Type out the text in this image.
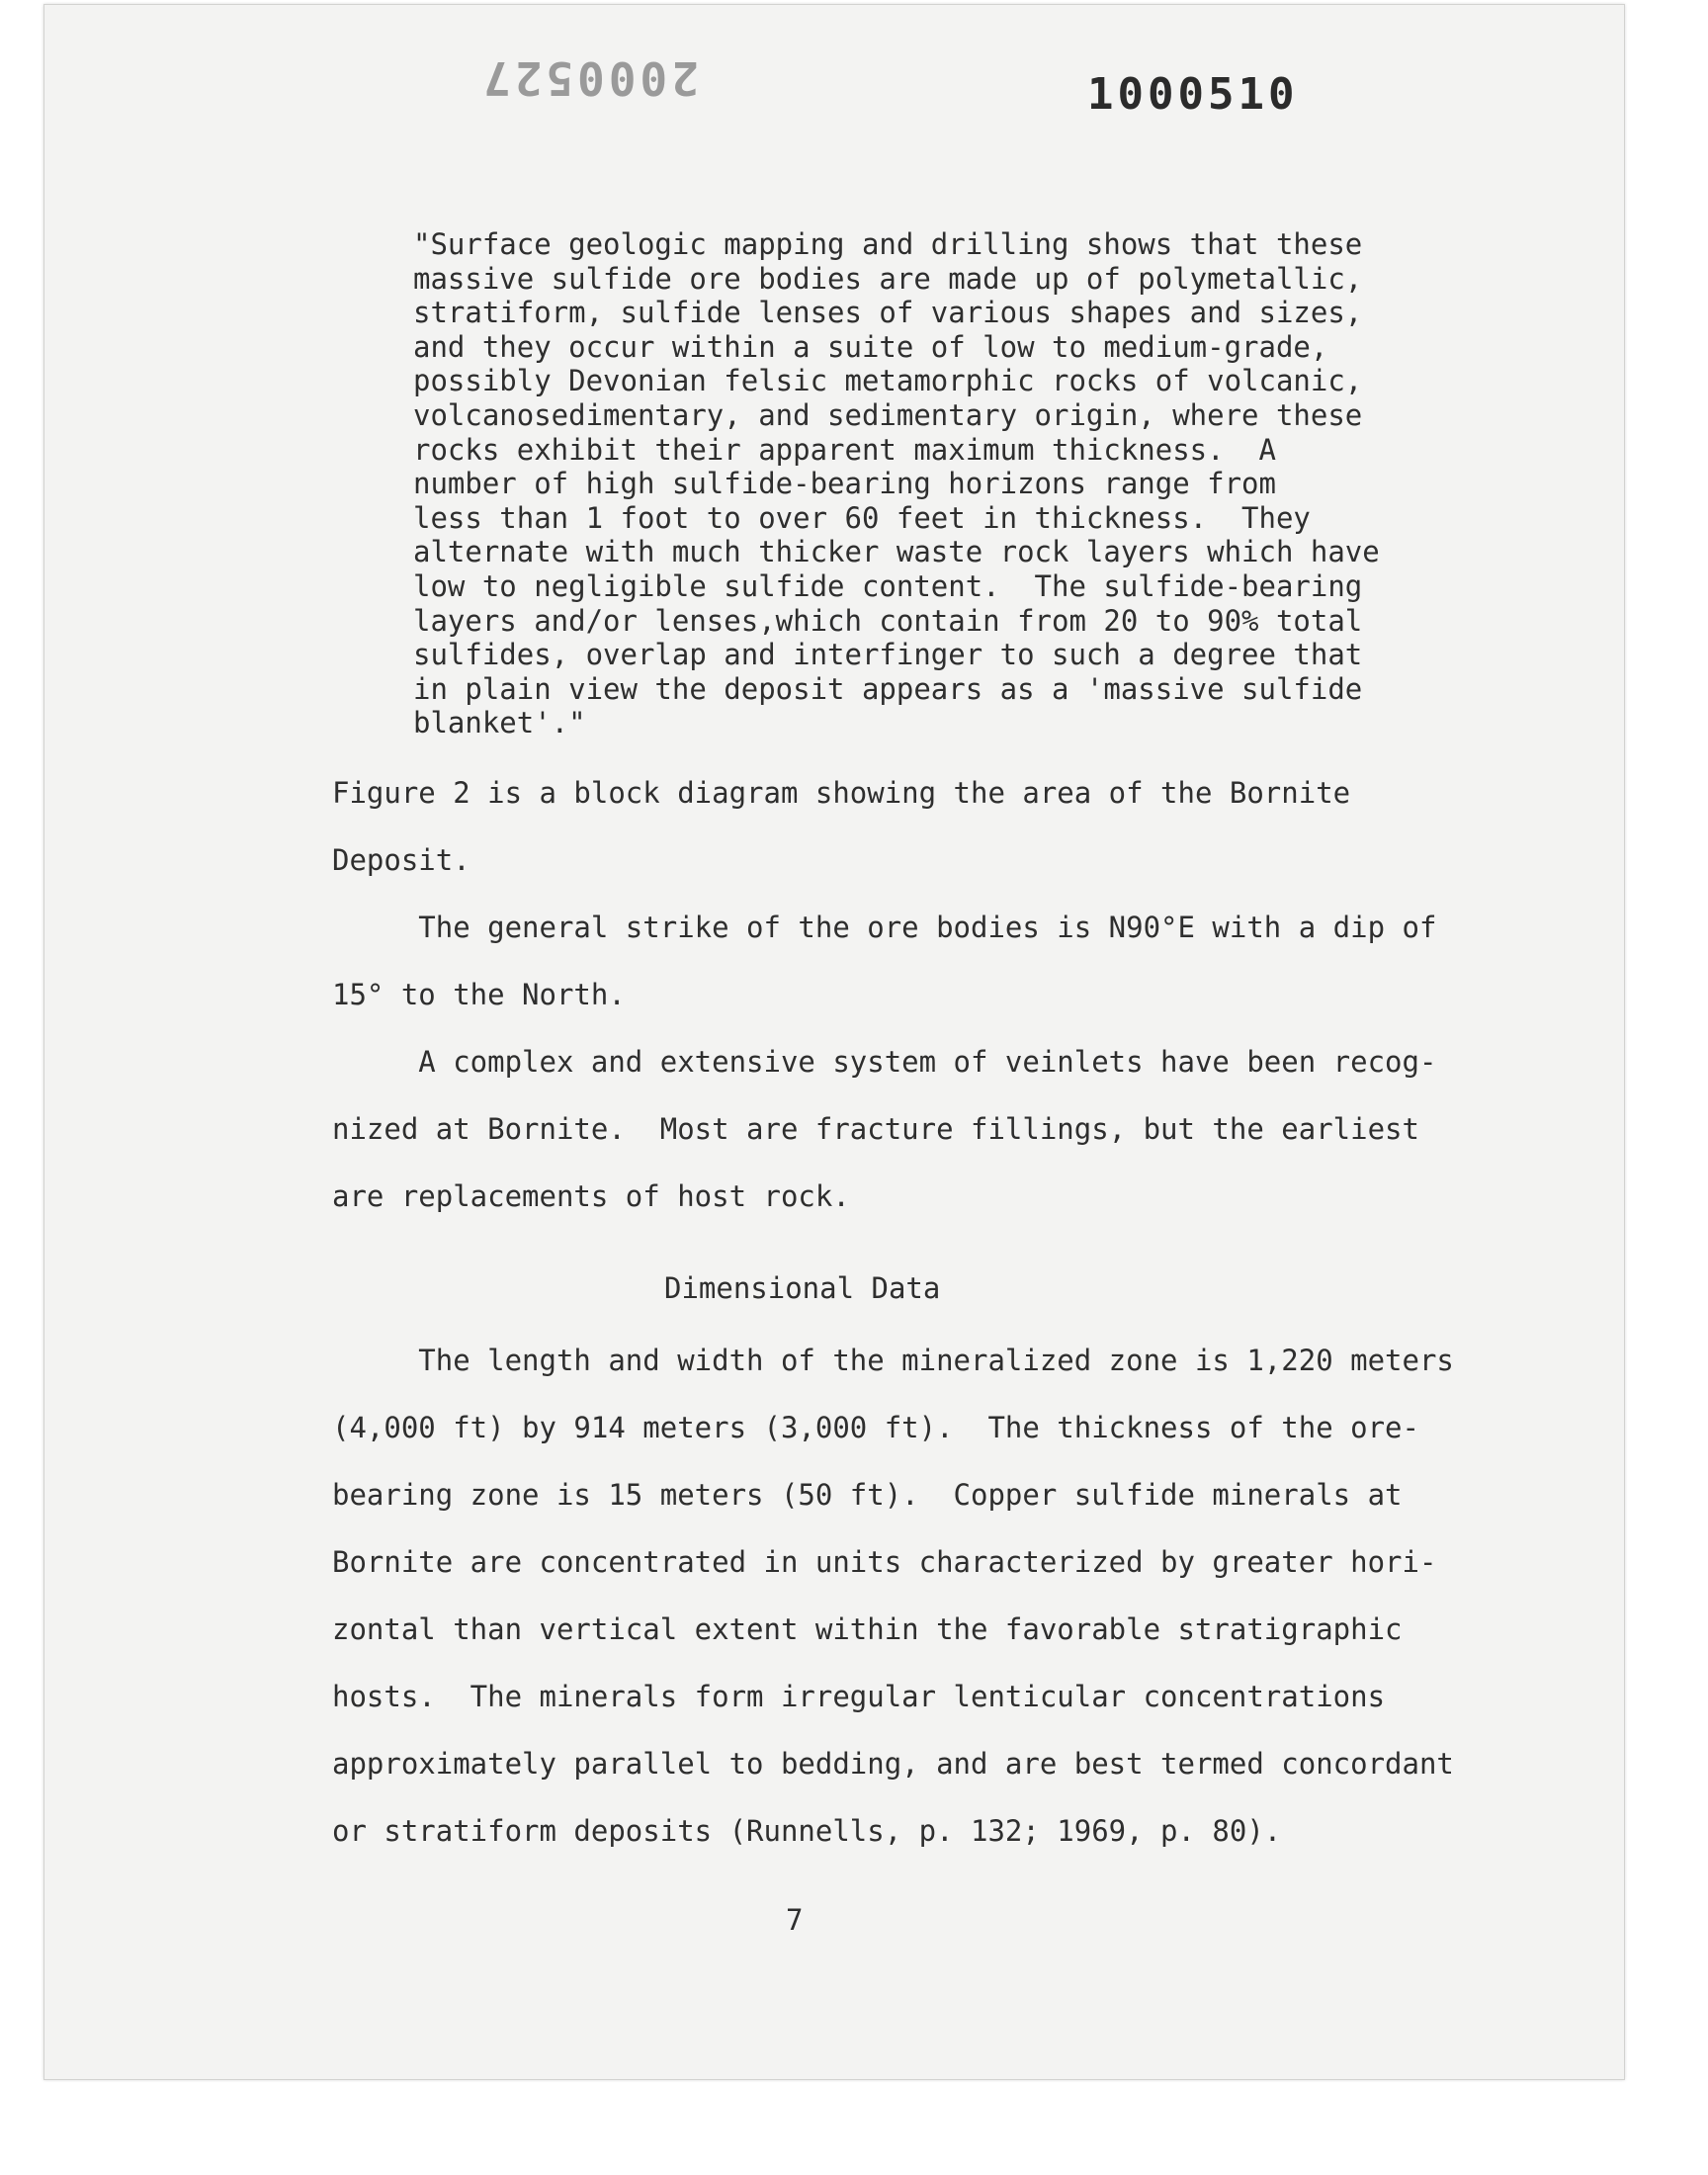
2000527	1000510
"Surface geologic mapping and drilling shows that these
massive sulfide ore bodies are made up of polymetallic,
stratiform, sulfide lenses of various shapes and sizes,
and they occur within a suite of low to medium-grade,
possibly Devonian felsic metamorphic rocks of volcanic,
volcanosedimentary, and sedimentary origin, where these
rocks exhibit their apparent maximum thickness.  A
number of high sulfide-bearing horizons range from
less than 1 foot to over 60 feet in thickness.  They
alternate with much thicker waste rock layers which have
low to negligible sulfide content.  The sulfide-bearing
layers and/or lenses,which contain from 20 to 90% total
sulfides, overlap and interfinger to such a degree that
in plain view the deposit appears as a 'massive sulfide
blanket'."
Figure 2 is a block diagram showing the area of the Bornite
Deposit.
The general strike of the ore bodies is N90°E with a dip of
15° to the North.
A complex and extensive system of veinlets have been recog-
nized at Bornite.  Most are fracture fillings, but the earliest
are replacements of host rock.
Dimensional Data
The length and width of the mineralized zone is 1,220 meters
(4,000 ft) by 914 meters (3,000 ft).  The thickness of the ore-
bearing zone is 15 meters (50 ft).  Copper sulfide minerals at
Bornite are concentrated in units characterized by greater hori-
zontal than vertical extent within the favorable stratigraphic
hosts.  The minerals form irregular lenticular concentrations
approximately parallel to bedding, and are best termed concordant
or stratiform deposits (Runnells, p. 132; 1969, p. 80).
7
